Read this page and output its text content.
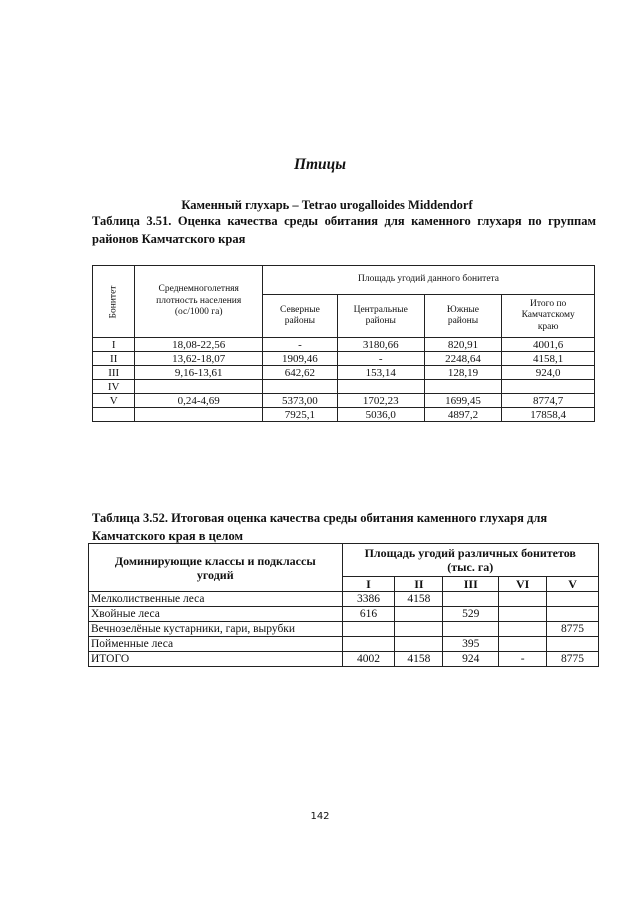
Птицы
Каменный глухарь – Tetrao urogalloides Middendorf
Таблица 3.51. Оценка качества среды обитания для каменного глухаря по группам районов Камчатского края
Бонитет	Среднемноголетняя плотность населения (ос/1000 га)	Площадь угодий данного бонитета			
		Северные районы	Центральные районы	Южные районы	Итого по Камчатскому краю
I	18,08-22,56	-	3180,66	820,91	4001,6
II	13,62-18,07	1909,46	-	2248,64	4158,1
III	9,16-13,61	642,62	153,14	128,19	924,0
IV					
V	0,24-4,69	5373,00	1702,23	1699,45	8774,7
		7925,1	5036,0	4897,2	17858,4
Таблица 3.52. Итоговая оценка качества среды обитания каменного глухаря для Камчатского края в целом
Доминирующие классы и подклассы угодий	Площадь угодий различных бонитетов (тыс. га)				
	I	II	III	VI	V
Мелколиственные леса	3386	4158			
Хвойные леса	616		529		
Вечнозелёные кустарники, гари, вырубки					8775
Пойменные леса			395		
ИТОГО	4002	4158	924	-	8775
142
